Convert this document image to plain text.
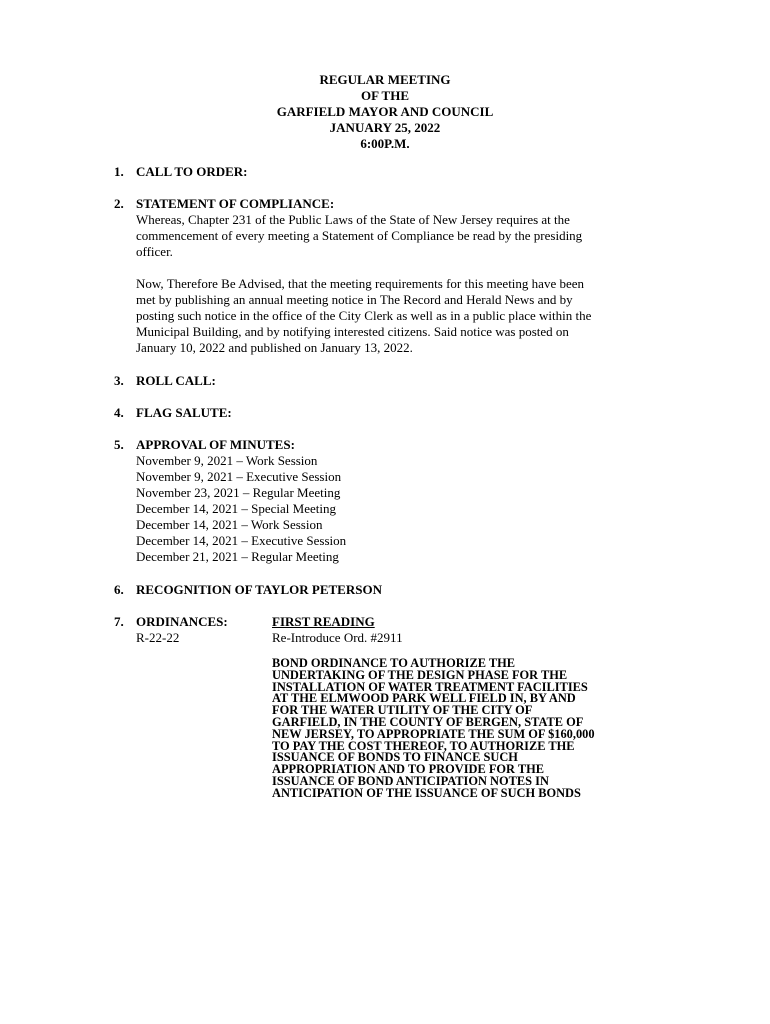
REGULAR MEETING
OF THE
GARFIELD MAYOR AND COUNCIL
JANUARY 25, 2022
6:00P.M.
1. CALL TO ORDER:
2. STATEMENT OF COMPLIANCE:
Whereas, Chapter 231 of the Public Laws of the State of New Jersey requires at the
commencement of every meeting a Statement of Compliance be read by the presiding
officer.
Now, Therefore Be Advised, that the meeting requirements for this meeting have been
met by publishing an annual meeting notice in The Record and Herald News and by
posting such notice in the office of the City Clerk as well as in a public place within the
Municipal Building, and by notifying interested citizens. Said notice was posted on
January 10, 2022 and published on January 13, 2022.
3. ROLL CALL:
4. FLAG SALUTE:
5. APPROVAL OF MINUTES:
November 9, 2021 – Work Session
November 9, 2021 – Executive Session
November 23, 2021 – Regular Meeting
December 14, 2021 – Special Meeting
December 14, 2021 – Work Session
December 14, 2021 – Executive Session
December 21, 2021 – Regular Meeting
6. RECOGNITION OF TAYLOR PETERSON
7. ORDINANCES:	FIRST READING
R-22-22	Re-Introduce Ord. #2911
BOND ORDINANCE TO AUTHORIZE THE
UNDERTAKING OF THE DESIGN PHASE FOR THE
INSTALLATION OF WATER TREATMENT FACILITIES
AT THE ELMWOOD PARK WELL FIELD IN, BY AND
FOR THE WATER UTILITY OF THE CITY OF
GARFIELD, IN THE COUNTY OF BERGEN, STATE OF
NEW JERSEY, TO APPROPRIATE THE SUM OF $160,000
TO PAY THE COST THEREOF, TO AUTHORIZE THE
ISSUANCE OF BONDS TO FINANCE SUCH
APPROPRIATION AND TO PROVIDE FOR THE
ISSUANCE OF BOND ANTICIPATION NOTES IN
ANTICIPATION OF THE ISSUANCE OF SUCH BONDS
